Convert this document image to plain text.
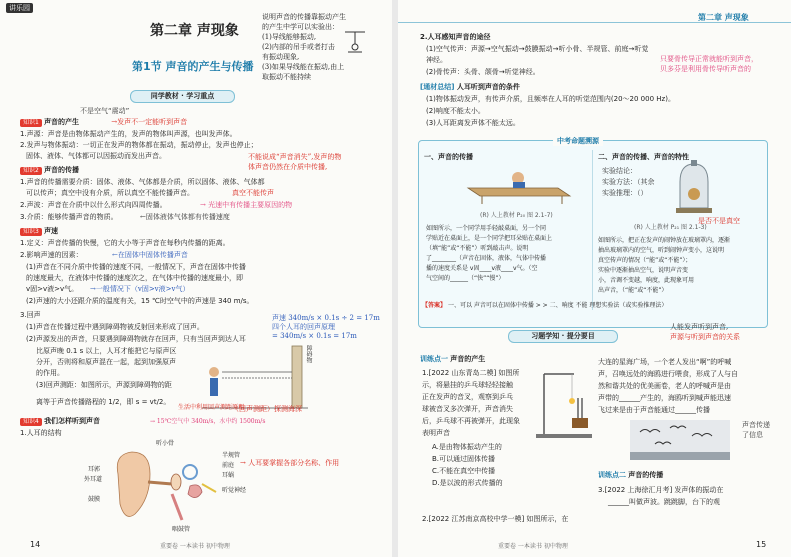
讲乐园
第二章 声现象
第1节 声音的产生与传播
同学教材 · 学习重点
说明声音的传播靠振动产生
的产生中学可以实验出：
(1)导线能够振动,
(2)内部的吊手或者打击
有振动现象,
(3)如果导线能在振动,由上
取振动不能持续
不是空气“震动”
知识1 声音的产生	→发声不一定能听到声音
1.声源：声音是由物体振动产生的，发声的物体叫声源，也叫发声体。
2.发声与物体振动：一切正在发声的物体都在振动，振动停止，发声也停止；
固体、液体、气体都可以因振动而发出声音。	不能说成“声音消失”,发声的物
体声音仍然在介质中传播,
知识2 声音的传播
1.声音的传播需要介质：固体、液体、气体都是介质，所以固体、液体、气体都
可以传声；真空中没有介质，所以真空不能传播声音。	真空不能传声
2.声波：声音在介质中以什么形式向四周传播。	→ 光速中有传播主要原因的物
3.介质：能够传播声音的物质。	←固体液体气体都有传播速度
知识3 声速
1.定义：声音传播的快慢，它的大小等于声音在每秒内传播的距离。
2.影响声速的因素：	←在固体中固体传播声音
(1)声音在不同介质中传播的速度不同，一般情况下，声音在固体中传播
的速度最大，在液体中传播的速度次之，在气体中传播的速度最小，即
v固>v液>v气。	→一般情况下（v固>v液>v气）
(2)声速的大小还跟介质的温度有关，15 ℃时空气中的声速是 340 m/s。
3.回声
(1)声音在传播过程中遇到障碍物被反射回来形成了回声。
声速 340m/s × 0.1s ÷ 2 = 17m
四个人耳的回声原理
= 340m/s × 0.1s = 17m
(2)声源发出的声音，只要遇到障碍物就存在回声，只有当回声到达人耳
比原声晚 0.1 s 以上，人耳才能把它与原声区
分开，否则将和原声混在一起，起到加强原声
的作用。
(3)回声测距：如图所示，声源到障碍物的距
离等于声音传播路程的 1/2，即 s = vt/2。
障碍物
生活中利用回声测距原理
（回声测距）探测海深
知识4 我们怎样听到声音	→ 15℃空气中 340m/s，水中约 1500m/s
1.人耳的结构
听小骨
半规管
前庭
耳蜗
听觉神经
耳郭
外耳道
鼓膜
咽鼓管
→ 人耳要掌握各部分名称、作用
14	重要卷 一本读书 初中物理
第二章 声现象
2.人耳感知声音的途径
(1)空气传声：声源→空气振动→鼓膜振动→听小骨、半规管、前庭→听觉
神经。
(2)骨传声：头骨、颌骨→听觉神经。
只要骨传导正常就能听到声音，
贝多芬是利用骨传导听声音的
[通材总结] 人耳听到声音的条件
(1)物体振动发声，有传声介质，且频率在人耳的听觉范围内(20～20 000 Hz)。
(2)响度不能太小。
(3)人耳距离发声体不能太远。
中考命题溯源
一、声音的传播
(R) 人上教材 P₂₀ 图 2.1-7)
如图所示，一个同学用手轻敲桌面，另一个同
学贴近在桌面上，是一个同学把耳朵贴在桌面上
（填“能”或“不能”）听到敲击声。说明
了________（声音在固体，液体，气体中传播
播的速度关系是 v固____v液____v气。（空
气空间的______（“快”“慢”）
二、声音的传播、声音的特性
实验结论：
实验方法：（其余
实验推理：（）
是否不是真空
(R) 人上教材 P₂₁ 图 2.1-3)
如图所示，把正在发声的闹钟放在玻璃罩内，逐渐
抽出玻璃罩内的空气，听到闹钟声变小，这说明
真空传声的情况（“能”或“不能”）；
实验中逐渐抽出空气，说明声音变
小，音调不变越，响度，此现象可用
出声音，（“能”或“不能”）
【答案】 一、可以 声音可以在固体中传播 > > 二、响度 不能 理想实验法（或实验推理法）
习题学知 · 提分要目
人能发声听到声音,
声源与听到声音的关系
训练点一 声音的产生
1.[2022 山东青岛二模] 如图所
示，将悬挂的乒乓球轻轻接触
正在发声的音叉，观察到乒乓
球被音叉多次弹开，声音消失
后，乒乓球不再被弹开，此现象
表明声音
A.是由物体振动产生的
B.可以通过固体传播
C.不能在真空中传播
D.是以波的形式传播的
2.[2022 江苏南京高校中学一模] 如图所示，在
大连的星海广场，一个老人发出“啊”的呼喊
声，召唤远处的海鸥进行喂食，形成了人与自
然和谐共处的优美画卷，老人的呼喊声是由
声带的______产生的，海鸥听到喊声能迅速
飞过来是由于声音能通过______传播
声音传递
了信息
训练点二 声音的传播
3.[2022 上海徐汇月考] 发声体的振动在
______叫做声波。跳跳脚，台下的观
重要卷 一本读书 初中物理	15
